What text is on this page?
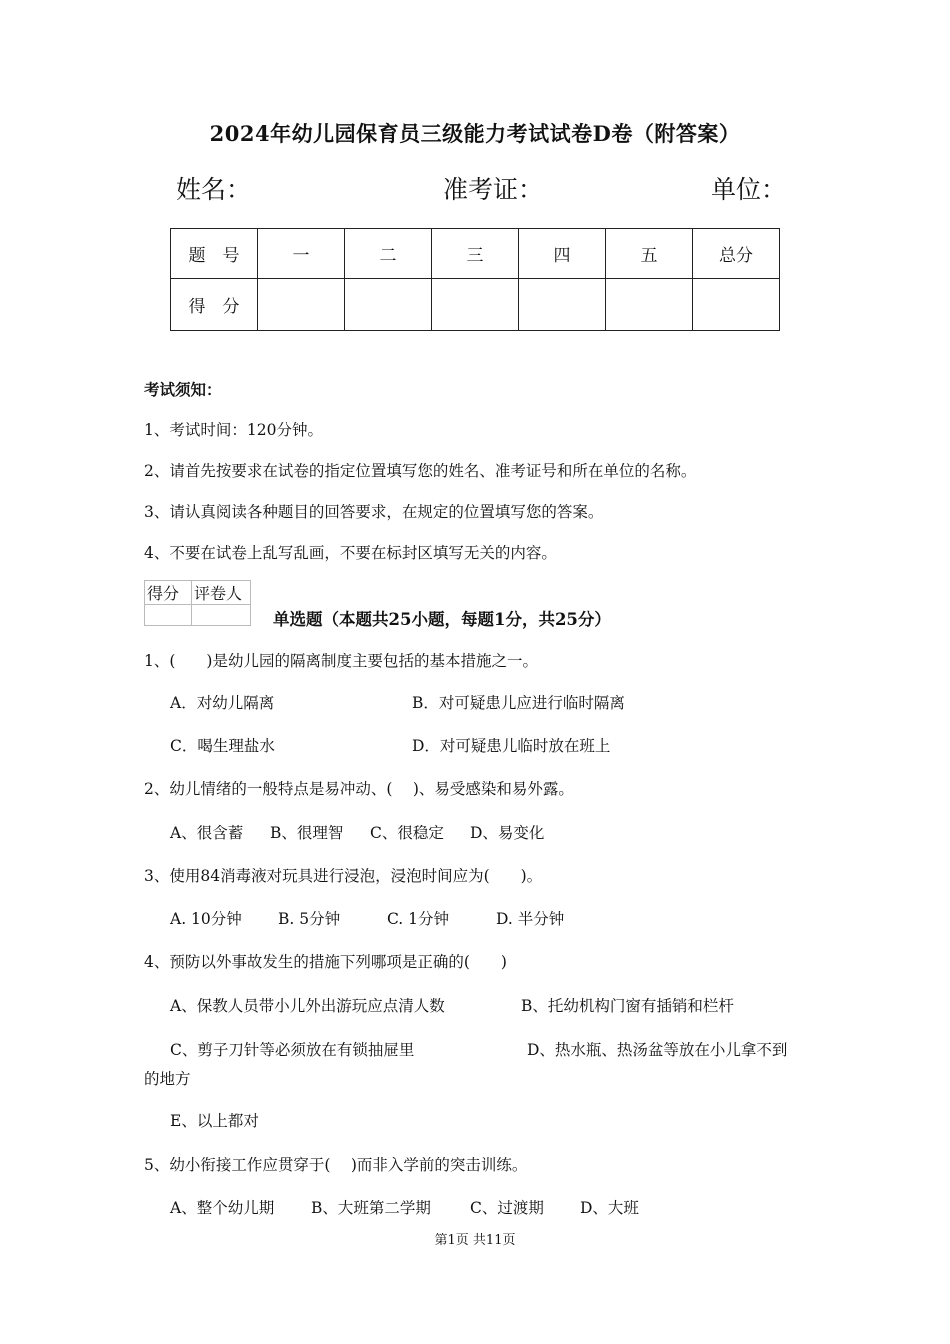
2024年幼儿园保育员三级能力考试试卷D卷（附答案）
姓名：	准考证：	单位：
题　号	一	二	三	四	五	总分
得　分						
考试须知：
1、考试时间：120分钟。
2、请首先按要求在试卷的指定位置填写您的姓名、准考证号和所在单位的名称。
3、请认真阅读各种题目的回答要求，在规定的位置填写您的答案。
4、不要在试卷上乱写乱画，不要在标封区填写无关的内容。
得分	评卷人

单选题（本题共25小题，每题1分，共25分）
1、(　　)是幼儿园的隔离制度主要包括的基本措施之一。
A．对幼儿隔离	B．对可疑患儿应进行临时隔离
C．喝生理盐水	D．对可疑患儿临时放在班上
2、幼儿情绪的一般特点是易冲动、(　 )、易受感染和易外露。
A、很含蓄 B、很理智 C、很稳定 D、易变化
3、使用84消毒液对玩具进行浸泡，浸泡时间应为(　　)。
A. 10分钟 B. 5分钟	C. 1分钟	D. 半分钟
4、预防以外事故发生的措施下列哪项是正确的(　　)
A、保教人员带小儿外出游玩应点清人数	B、托幼机构门窗有插销和栏杆
C、剪子刀针等必须放在有锁抽屉里	D、热水瓶、热汤盆等放在小儿拿不到
的地方
E、以上都对
5、幼小衔接工作应贯穿于(　 )而非入学前的突击训练。
A、整个幼儿期 B、大班第二学期	C、过渡期 D、大班
第1页 共11页
